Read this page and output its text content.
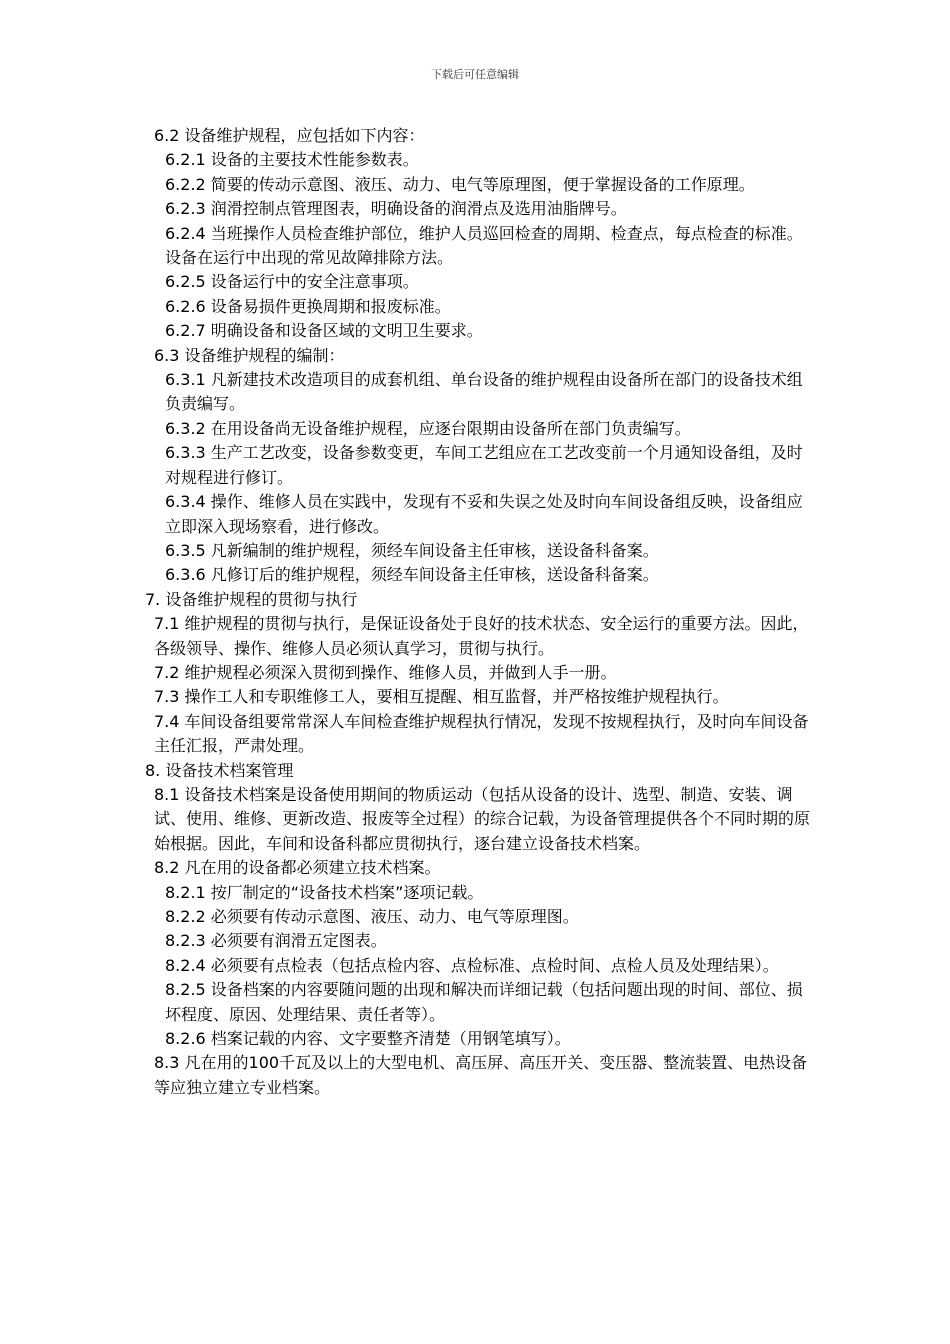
下载后可任意编辑

6.2 设备维护规程，应包括如下内容：

6.2.1 设备的主要技术性能参数表。

6.2.2 简要的传动示意图、液压、动力、电气等原理图，便于掌握设备的工作原理。

6.2.3 润滑控制点管理图表，明确设备的润滑点及选用油脂牌号。

6.2.4 当班操作人员检查维护部位，维护人员巡回检查的周期、检查点，每点检查的标准。设备在运行中出现的常见故障排除方法。

6.2.5 设备运行中的安全注意事项。

6.2.6 设备易损件更换周期和报废标准。

6.2.7 明确设备和设备区域的文明卫生要求。

6.3 设备维护规程的编制：

6.3.1 凡新建技术改造项目的成套机组、单台设备的维护规程由设备所在部门的设备技术组负责编写。

6.3.2 在用设备尚无设备维护规程，应逐台限期由设备所在部门负责编写。

6.3.3 生产工艺改变，设备参数变更，车间工艺组应在工艺改变前一个月通知设备组，及时对规程进行修订。

6.3.4 操作、维修人员在实践中，发现有不妥和失误之处及时向车间设备组反映，设备组应立即深入现场察看，进行修改。

6.3.5 凡新编制的维护规程，须经车间设备主任审核，送设备科备案。

6.3.6 凡修订后的维护规程，须经车间设备主任审核，送设备科备案。

7. 设备维护规程的贯彻与执行

7.1 维护规程的贯彻与执行，是保证设备处于良好的技术状态、安全运行的重要方法。因此，各级领导、操作、维修人员必须认真学习，贯彻与执行。

7.2 维护规程必须深入贯彻到操作、维修人员，并做到人手一册。

7.3 操作工人和专职维修工人，要相互提醒、相互监督，并严格按维护规程执行。

7.4 车间设备组要常常深人车间检查维护规程执行情况，发现不按规程执行，及时向车间设备主任汇报，严肃处理。

8. 设备技术档案管理

8.1 设备技术档案是设备使用期间的物质运动（包括从设备的设计、选型、制造、安装、调试、使用、维修、更新改造、报废等全过程）的综合记载，为设备管理提供各个不同时期的原始根据。因此，车间和设备科都应贯彻执行，逐台建立设备技术档案。

8.2 凡在用的设备都必须建立技术档案。

8.2.1 按厂制定的“设备技术档案”逐项记载。

8.2.2 必须要有传动示意图、液压、动力、电气等原理图。

8.2.3 必须要有润滑五定图表。

8.2.4 必须要有点检表（包括点检内容、点检标准、点检时间、点检人员及处理结果）。

8.2.5 设备档案的内容要随问题的出现和解决而详细记载（包括问题出现的时间、部位、损坏程度、原因、处理结果、责任者等）。

8.2.6 档案记载的内容、文字要整齐清楚（用钢笔填写）。

8.3 凡在用的100千瓦及以上的大型电机、高压屏、高压开关、变压器、整流装置、电热设备等应独立建立专业档案。
